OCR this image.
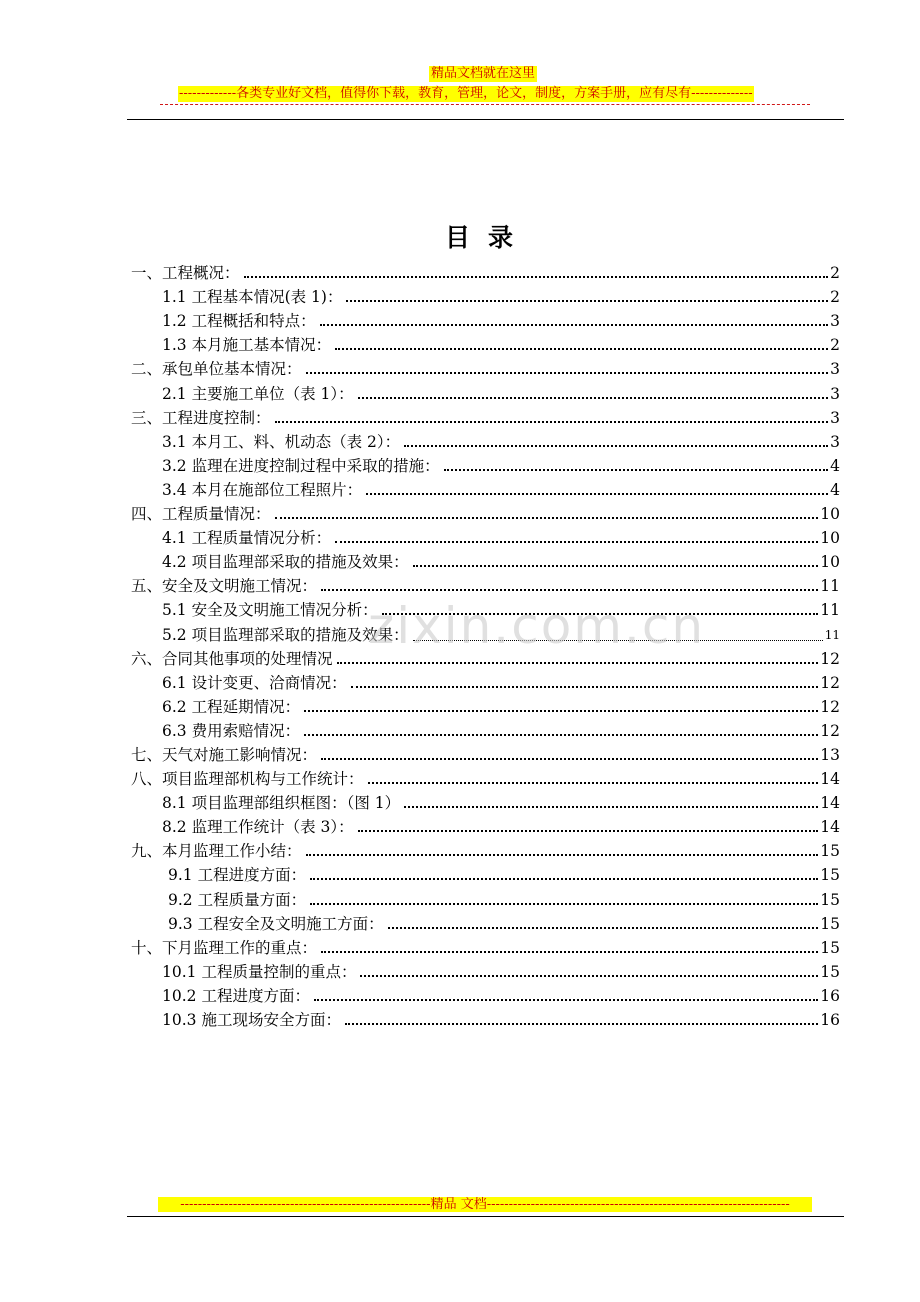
精品文档就在这里
-------------各类专业好文档，值得你下载，教育，管理，论文，制度，方案手册，应有尽有--------------
目录
一、工程概况：	2
1.1 工程基本情况(表 1)：	2
1.2 工程概括和特点：	3
1.3 本月施工基本情况：	2
二、承包单位基本情况：	3
2.1 主要施工单位（表 1）：	3
三、工程进度控制：	3
3.1 本月工、料、机动态（表 2）：	3
3.2 监理在进度控制过程中采取的措施：	4
3.4 本月在施部位工程照片：	4
四、工程质量情况：	10
4.1 工程质量情况分析：	10
4.2 项目监理部采取的措施及效果：	10
五、安全及文明施工情况：	11
5.1 安全及文明施工情况分析：	11
5.2 项目监理部采取的措施及效果：	11
六、合同其他事项的处理情况	12
6.1 设计变更、洽商情况：	12
6.2 工程延期情况：	12
6.3 费用索赔情况：	12
七、天气对施工影响情况：	13
八、项目监理部机构与工作统计：	14
8.1 项目监理部组织框图：（图 1）	14
8.2 监理工作统计（表 3）：	14
九、本月监理工作小结：	15
9.1 工程进度方面：	15
9.2 工程质量方面：	15
9.3 工程安全及文明施工方面：	15
十、下月监理工作的重点：	15
10.1 工程质量控制的重点：	15
10.2 工程进度方面：	16
10.3 施工现场安全方面：	16
zixin.com.cn
---------------------------------------------------------精品 文档---------------------------------------------------------------------
